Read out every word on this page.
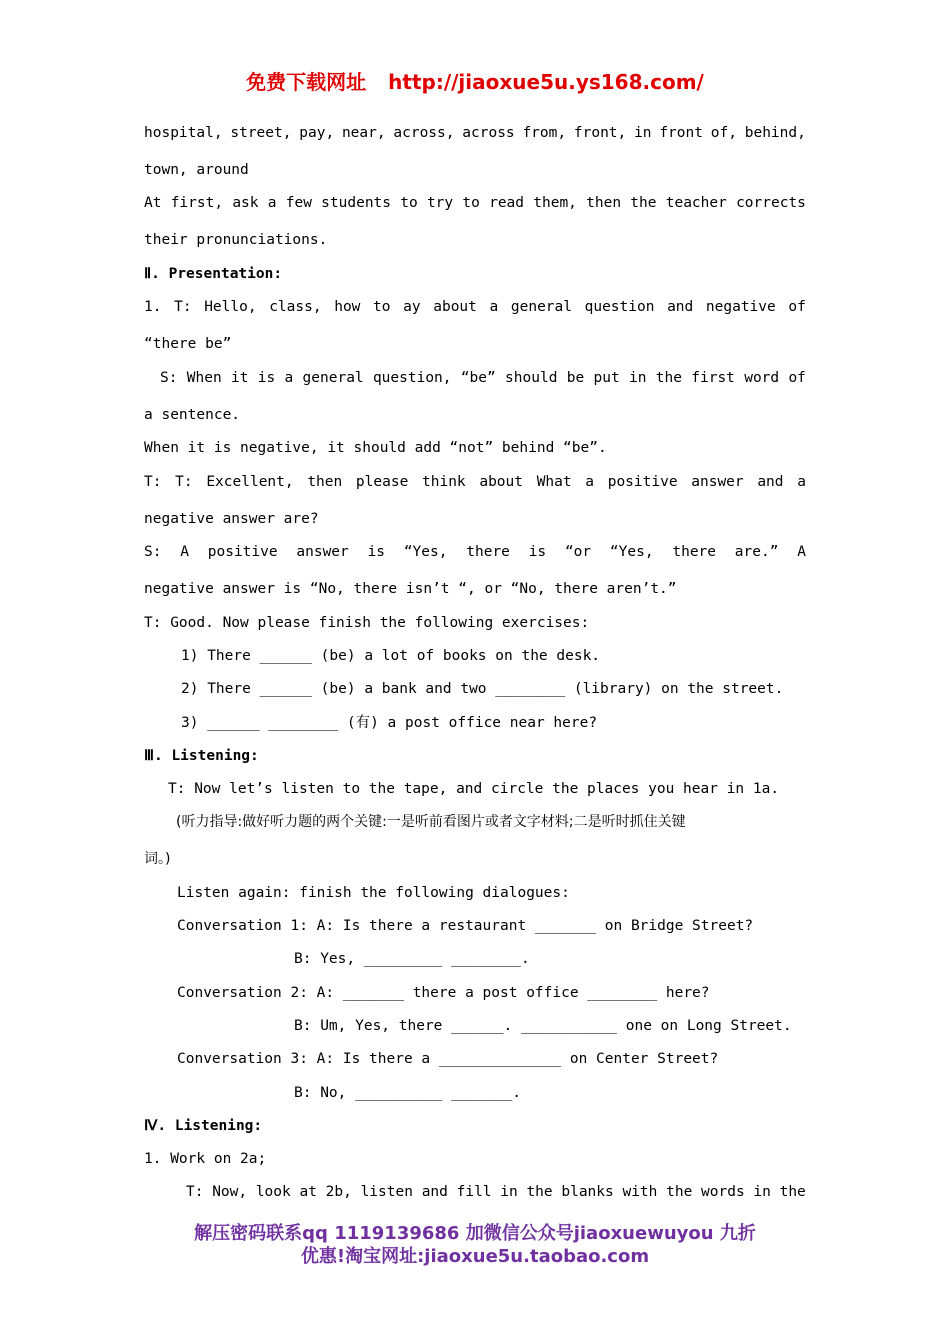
免费下载网址 http://jiaoxue5u.ys168.com/
hospital, street, pay, near, across, across from, front, in front of, behind,
town, around
At first, ask a few students to try to read them, then the teacher corrects
their pronunciations.
Ⅱ. Presentation:
1. T: Hello, class, how to ay about a general question and negative of
“there be”
S: When it is a general question, “be” should be put in the first word of
a sentence.
When it is negative, it should add “not” behind “be”.
T: T: Excellent, then please think about What a positive answer and a
negative answer are?
S: A positive answer is “Yes, there is “or “Yes, there are.” A
negative answer is “No, there isn’t “, or “No, there aren’t.”
T: Good. Now please finish the following exercises:
1) There ______ (be) a lot of books on the desk.
2) There ______ (be) a bank and two ________ (library) on the street.
3) ______ ________ (有) a post office near here?
Ⅲ. Listening:
T: Now let’s listen to the tape, and circle the places you hear in 1a.
(听力指导:做好听力题的两个关键:一是听前看图片或者文字材料;二是听时抓住关键
词。)
Listen again: finish the following dialogues:
Conversation 1: A: Is there a restaurant _______ on Bridge Street?
B: Yes, _________ ________.
Conversation 2: A: _______ there a post office ________ here?
B: Um, Yes, there ______. ___________ one on Long Street.
Conversation 3: A: Is there a ______________ on Center Street?
B: No, __________ _______.
Ⅳ. Listening:
1. Work on 2a;
T: Now, look at 2b, listen and fill in the blanks with the words in the
解压密码联系qq 1119139686 加微信公众号jiaoxuewuyou 九折
优惠!淘宝网址:jiaoxue5u.taobao.com
